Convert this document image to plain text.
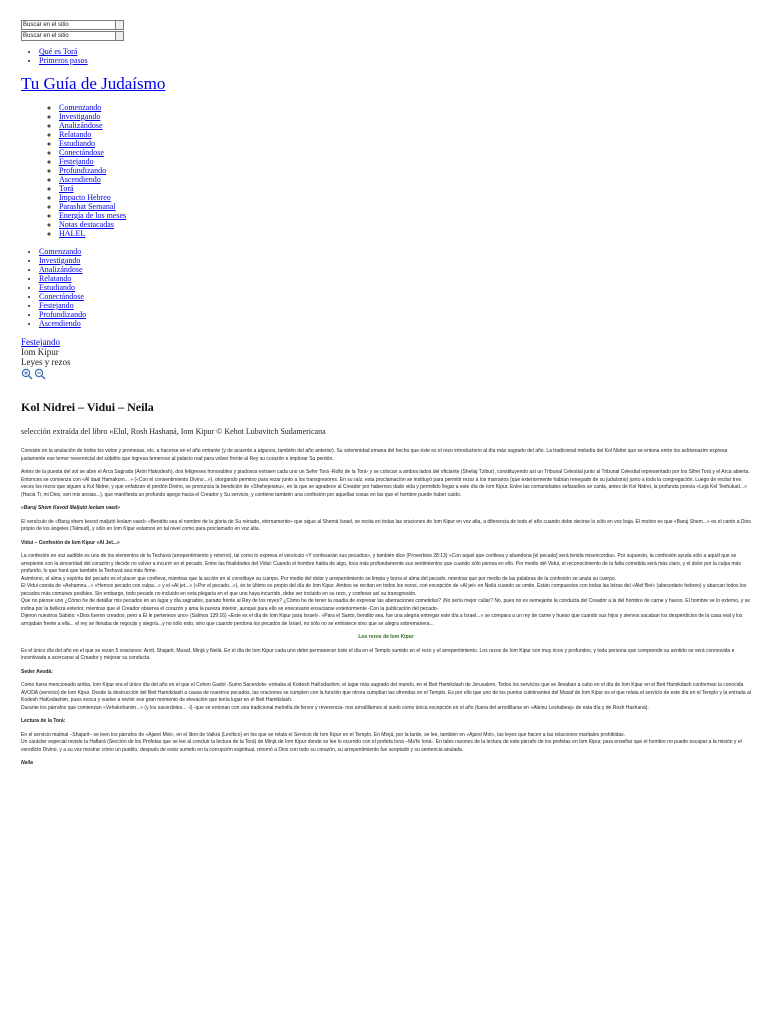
Buscar en el sitio
Buscar en el sitio
• Qué es Torá
• Primeros pasos
Tu Guía de Judaísmo
◦ Comenzando
◦ Investigando
◦ Analizándose
◦ Relatando
◦ Estudiando
◦ Conectándose
◦ Festejando
◦ Profundizando
◦ Ascendiendo
◦ Torá
◦ Impacto Hebreo
◦ Parashat Semanal
◦ Energía de los meses
◦ Notas destacadas
◦ HALEL
• Comenzando
• Investigando
• Analizándose
• Relatando
• Estudiando
• Conectándose
• Festejando
• Profundizando
• Ascendiendo
Festejando
Iom Kipur
Leyes y rezos
Kol Nidrei – Vidui – Neila

selección extraída del libro «Elul, Rosh Hashaná, Iom Kipur © Kehot Lubavitch Sudamericana

Consiste en la anulación de todos los votos y promesas, etc. a hacerse en el año entrante (y de acuerdo a algunos, también del año anterior). Su solemnidad emana del hecho que éste es el rezo introductorio al día más sagrado del año. La tradicional melodía del Kol Nidrei que se entona entre los ashkenazim expresa justamente ese temor reverencial del súbdito que ingresa temeroso al palacio real para volver frente al Rey su corazón e implorar Su perdón.

Antes de la puesta del sol se abre el Arca Sagrada (Arón Hakodesh), dos feligreses honorables y piadosos extraen cada uno un Sefer Torá -Rollo de la Torá- y se colocan a ambos lados del oficiante (Sheliaj Tzibur), constituyendo así un Tribunal Celestial junto al Tribunal Celestial representado por los Sifrei Torá y el Arca abierta. Entonces se comienza con «Al daat Hamakom... » («Con el consentimiento Divino...»), otorgando permiso para rezar junto a los transgresores. En su raíz, esta proclamación se instituyó para permitir rezar a los marranos (que exteriormente habían renegado de su judaísmo) junto a toda la congregación. Luego de recitar tres veces los rezos que siguen a Kol Nidrei, y que enfatizan el perdón Divino, se pronuncia la bendición de «Shehejeianu», en la que se agradece al Creador por habernos dado vida y permitido llegar a este día de Iom Kipur. Entre las comunidades sefaradíes se canta, antes de Kol Nidrei, la profunda poesía «Lejá Kel Teshukatí...» (Hacia Ti, mi Dios, son mis ansias...), que manifiesta un profundo apego hacia el Creador y Su servicio, y contiene también una confesión por aquellas cosas en las que el hombre puede haber caído.

«Baruj Shem Kevod Maljutó leolam vaed»

El versículo de «Baruj shem kevod maljutó leolam vaed» «Bendito sea el nombre de la gloria de Su reinado, eternamente» que sigue al Shemá Israel, se recita en todas las oraciones de Iom Kipur en voz alta, a diferencia de todo el año cuando debe decirse lo sólo en voz baja. El motivo es que «Baruj Shem...» es el canto a Dios propio de los ángeles (Talmud), y sólo en Iom Kipur estamos en tal nivel como para proclamarlo en voz alta.

Vidui – Confesión de Iom Kipur «Al Jet...»

La confesión en voz audible es uno de los elementos de la Teshuvá (arrepentimiento y retorno), tal como lo expresa el versículo «Y confesarán sus pecados», y también dice (Proverbios 28:13) «Con aquel que confiesa y abandona [el pecado] será tenida misericordia». Por supuesto, la confesión ayuda sólo a aquél que se arrepiente con la sinceridad del corazón y decide no volver a incurrir en el pecado. Entre las finalidades del Vidui: Cuando el hombre habla de algo, toca más profundamente sus sentimientos que cuando sólo piensa en ello. Por medio del Vidui, el reconocimiento de la falta cometida será más claro, y el dolor por la culpa más profundo, lo que hará que también la Teshuvá sea más firme.

Asimismo, el alma y espíritu del pecado es el placer que conlleva, mientras que la acción en sí constituye su cuerpo. Por medio del dolor y arrepentimiento se limpia y borra el alma del pecado, mientras que por medio de las palabras de la confesión se anula su cuerpo.

El Vidui consta de «Ashamnu...» «Hemos pecado con culpa...» y el «Al jet...» («Por el pecado...»), és te último es propio del día de Iom Kipur. Ambos se recitan en todos los rezos, con excepción de «Al jet» en Neilá cuando se omite. Están compuestos con todas las letras del «Alef Bet» (abecedario hebreo) y abarcan todos los pecados más comunes posibles. Sin embargo, todo pecado no incluido en esta plegaria en el que uno haya incurrido, debe ser incluido en su rezo, y confesar así su transgresión.

Que no piense uno ¿Cómo he de detallar mis pecados en un lugar y día sagrados, parado frente al Rey de los reyes? ¿Cómo he de tener la osadía de expresar las aberraciones cometidas? ¡No sería mejor callar? No, pues no es semejante la conducta del Creador a la del hombre de carne y hueso. El hombre ve lo externo, y se indina por la belleza exterior, mientras que el Creador observa el corazón y ama la pureza interior, aunque para ello se enecesario ensuciarse exteriormente -Con la publicación del pecado-.

Dijeron nuestros Sabios: «Dios fueron creados, pero a Él le pertenece uno» (Salmos 139:16) «Este es el día de Iom Kipur para Israel». «Para el Santo, bendito sea, fue una alegría entregar este día a Israel...» se compara a un rey de carne y hueso que cuando sus hijos y siervos sacaban los desperdicios de la casa real y los arrojaban frente a ella... el rey se llenaba de regocijo y alegría...y no sólo esto, sino que cuando perdona los pecados de Israel, no sólo no se entristece sino que se alegra sobremanera...

Los rezos de Iom Kipur

Es el único día del año en el que se rezan 5 oraciones: Arvit, Shajarit, Musaf, Minjá y Neilá. En el día de Iom Kipur cada uno debe permanecer todo el día en el Templo sumido en el rezo y el arrepentimiento. Los rezos de Iom Kipur son muy ricos y profundos, y toda persona que comprende su sentido se verá conmovida e incentivada a acercarse al Creador y mejorar su conducta.

Seder Avodá:

Como fuera mencionado arriba, Iom Kipur era el único día del año en el que el Cohen Gadol -Sumo Sacerdote- entraba al Kodesh HaKodashim, el lugar más sagrado del mundo, en el Beit Hamikdash de Jerusalem. Todos los servicios que se llevaban a cabo en el día de Iom Kipur en el Beit Hamikdash conforman la conocida AVODA (servicio) de Iom Kipur. Desde la destrucción del Beit Hamikdash a causa de nuestros pecados, las oraciones se cumplen con la función que otrora cumplían las ofrendas en el Templo. Es por ello que uno de los puntos culminantes del Musaf de Iom Kipur es el que relata el servicio de este día en el Templo y la entrada al Kodesh HaKodashim, pues evoca y vuelve a revivir ese gran momento de elevación que tenía lugar en el Beit Hamikdash.

Durante los párrafos que comienzan «Vehakohanim...» (y los sacerdotes... -I) -que se entonan con una tradicional melodía de fervor y reverencia- nos arrodillamos al suelo como única excepción en el año (fuera del arrodillarse en «Aleinu Leshabeaj» de esta día y de Rosh Hashaná).

Lectura de la Torá:

En el servicio matinal –Shajarit– se leen los pàrrafos de «Ajarei Mot», en el libro de Vaikrá (Levítico) en los que se relata el Servicio de Iom Kipur en el Templo. En Minjá, por la tarde, se lee, también en «Ajarei Mot», las leyes que hacen a las relaciones maritales prohibidas.

Un carácter especial reviste la Haftará (Sección de los Profetas que se lee al concluir la lectura de la Torá) de Minjá de Iom Kipur donde se lee lo ocurrido con el profeta Ioná –Ma'fe Ioná-. En tales razones de la lectura de este pàrrafo de los profetas en Iom Kipur, para enseñar que el hombre no puede escapar a la misión y el veredicto Divino, y a su vez mostrar cómo un pueblo, después de estar sumido en la corrupción espiritual, retornó a Dios con todo su corazón, su arrepentimiento fue aceptado y su sentencia anulada.

Neila
